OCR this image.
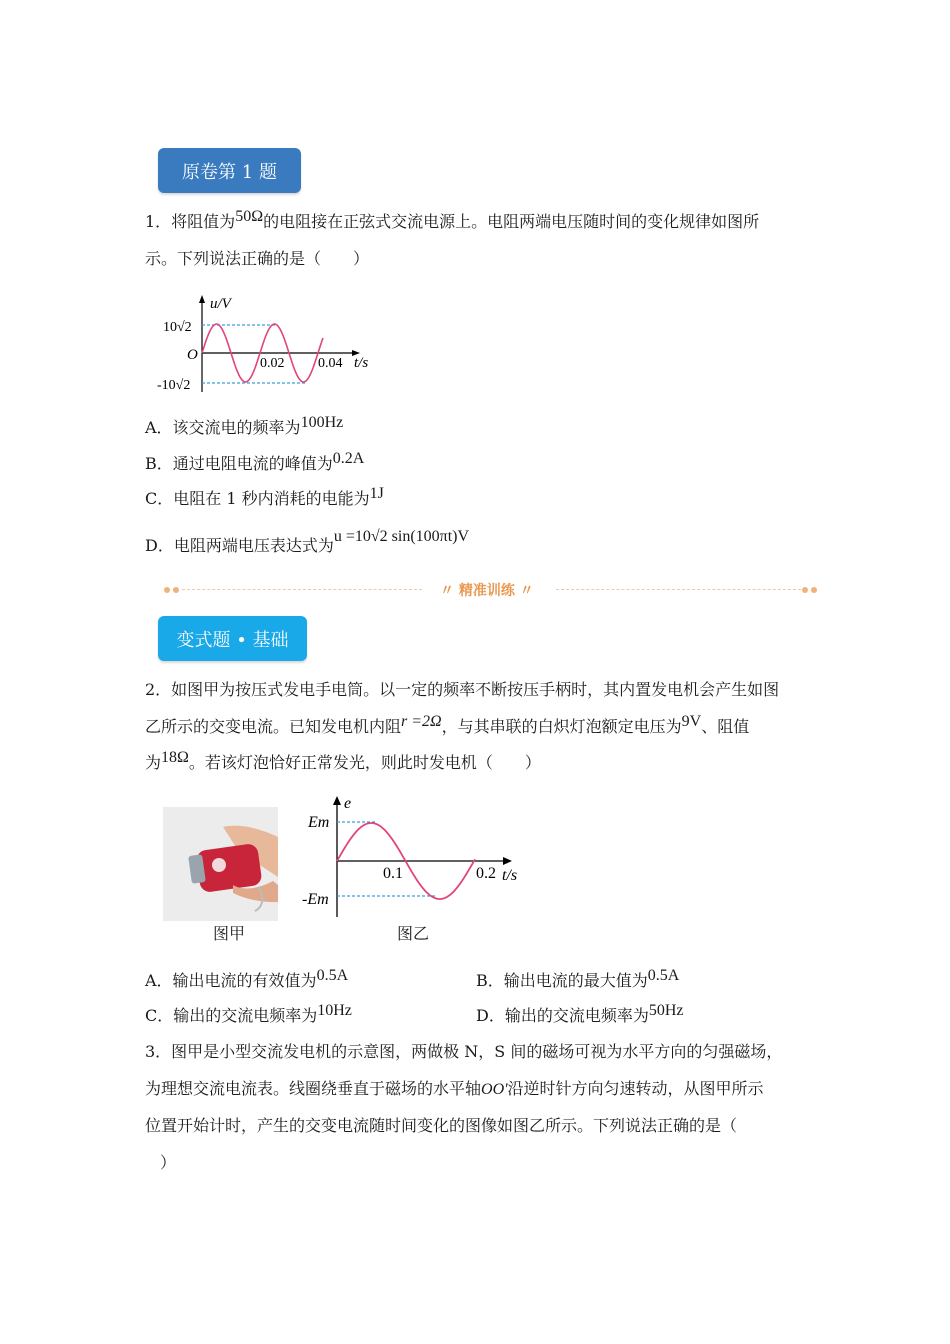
原卷第 1 题
1．将阻值为50Ω的电阻接在正弦式交流电源上。电阻两端电压随时间的变化规律如图所
示。下列说法正确的是（　　）
u/V
10√2
O
-10√2
0.02 0.04 t/s
A．该交流电的频率为100Hz
B．通过电阻电流的峰值为0.2A
C．电阻在 1 秒内消耗的电能为1J
D．电阻两端电压表达式为u =10√2 sin(100πt)V
〃 精准训练 〃
变式题 • 基础
2．如图甲为按压式发电手电筒。以一定的频率不断按压手柄时，其内置发电机会产生如图
乙所示的交变电流。已知发电机内阻r =2Ω，与其串联的白炽灯泡额定电压为9V、阻值
为18Ω。若该灯泡恰好正常发光，则此时发电机（　　）
图甲
e
Em
-Em
0.1	0.2 t/s
图乙
A．输出电流的有效值为0.5A	B．输出电流的最大值为0.5A
C．输出的交流电频率为10Hz	D．输出的交流电频率为50Hz
3．图甲是小型交流发电机的示意图，两做极 N，S 间的磁场可视为水平方向的匀强磁场，
为理想交流电流表。线圈绕垂直于磁场的水平轴OO'沿逆时针方向匀速转动，从图甲所示
位置开始计时，产生的交变电流随时间变化的图像如图乙所示。下列说法正确的是（
）
